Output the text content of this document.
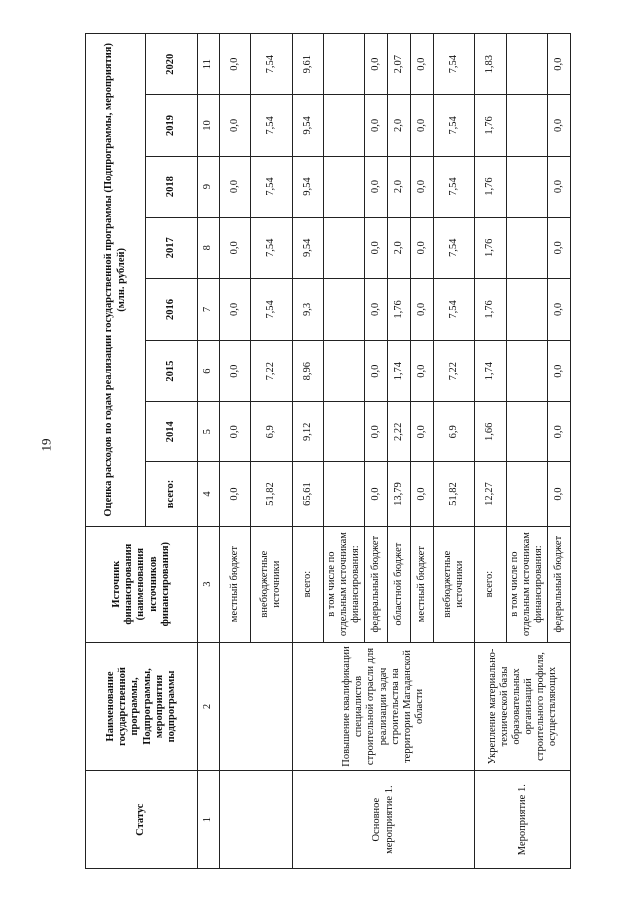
19
Статус	Наименование государственной программы, Подпрограммы, мероприятия подпрограммы	Источник финансирования (наименования источников финансирования)	Оценка расходов по годам реализации государственной программы (Подпрограммы, мероприятия) (млн. рублей)							
			всего:	2014	2015	2016	2017	2018	2019	2020
1	2	3	4	5	6	7	8	9	10	11
		местный бюджет	0,0	0,0	0,0	0,0	0,0	0,0	0,0	0,0
		внебюджетные источники	51,82	6,9	7,22	7,54	7,54	7,54	7,54	7,54
Основное мероприятие 1.	Повышение квалификации специалистов строительной отрасли для реализации задач строительства на территории Магаданской области	всего:	65,61	9,12	8,96	9,3	9,54	9,54	9,54	9,61
		в том числе по отдельным источникам финансирования:								
		федеральный бюджет	0,0	0,0	0,0	0,0	0,0	0,0	0,0	0,0
		областной бюджет	13,79	2,22	1,74	1,76	2,0	2,0	2,0	2,07
		местный бюджет	0,0	0,0	0,0	0,0	0,0	0,0	0,0	0,0
		внебюджетные источники	51,82	6,9	7,22	7,54	7,54	7,54	7,54	7,54
Мероприятие 1.	Укрепление материально-технической базы образовательных организаций строительного профиля, осуществляющих	всего:	12,27	1,66	1,74	1,76	1,76	1,76	1,76	1,83
		в том числе по отдельным источникам финансирования:								
		федеральный бюджет	0,0	0,0	0,0	0,0	0,0	0,0	0,0	0,0
